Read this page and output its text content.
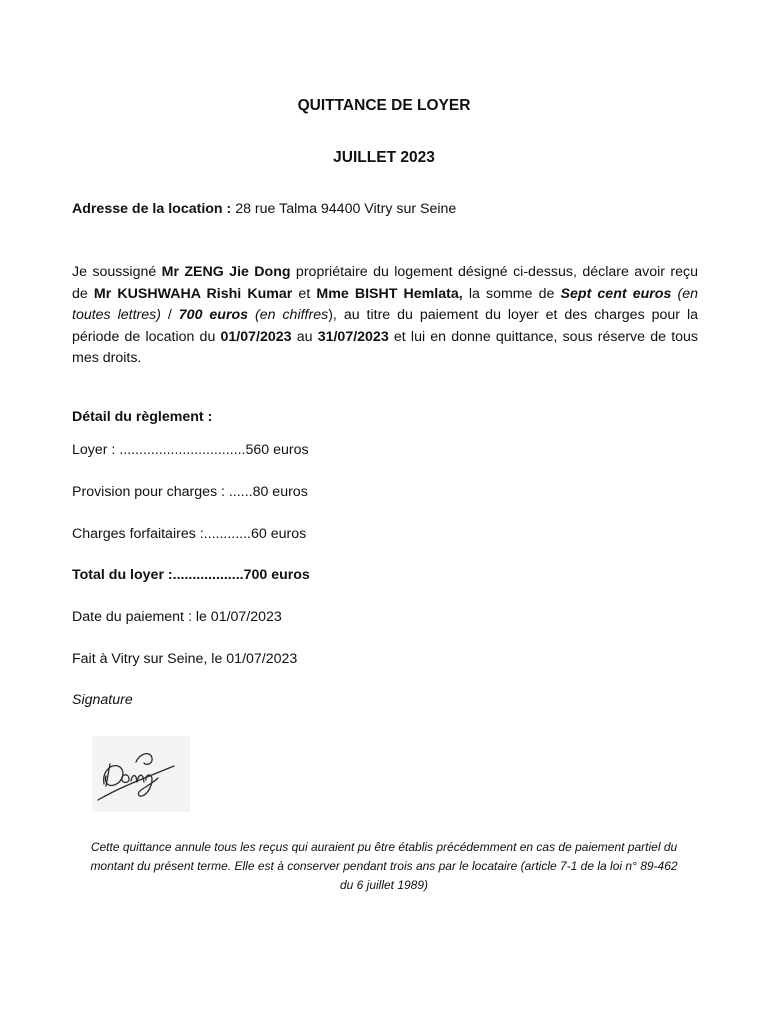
QUITTANCE DE LOYER
JUILLET 2023

Adresse de la location : 28 rue Talma 94400 Vitry sur Seine

Je soussigné Mr ZENG Jie Dong propriétaire du logement désigné ci-dessus, déclare avoir reçu de Mr KUSHWAHA Rishi Kumar et Mme BISHT Hemlata, la somme de Sept cent euros (en toutes lettres) / 700 euros (en chiffres), au titre du paiement du loyer et des charges pour la période de location du 01/07/2023 au 31/07/2023 et lui en donne quittance, sous réserve de tous mes droits.

Détail du règlement :

Loyer : ................................560 euros

Provision pour charges : ......80 euros

Charges forfaitaires :............60 euros

Total du loyer :..................700 euros

Date du paiement : le 01/07/2023

Fait à Vitry sur Seine, le 01/07/2023

Signature

Cette quittance annule tous les reçus qui auraient pu être établis précédemment en cas de paiement partiel du montant du présent terme. Elle est à conserver pendant trois ans par le locataire (article 7-1 de la loi n° 89-462 du 6 juillet 1989)
